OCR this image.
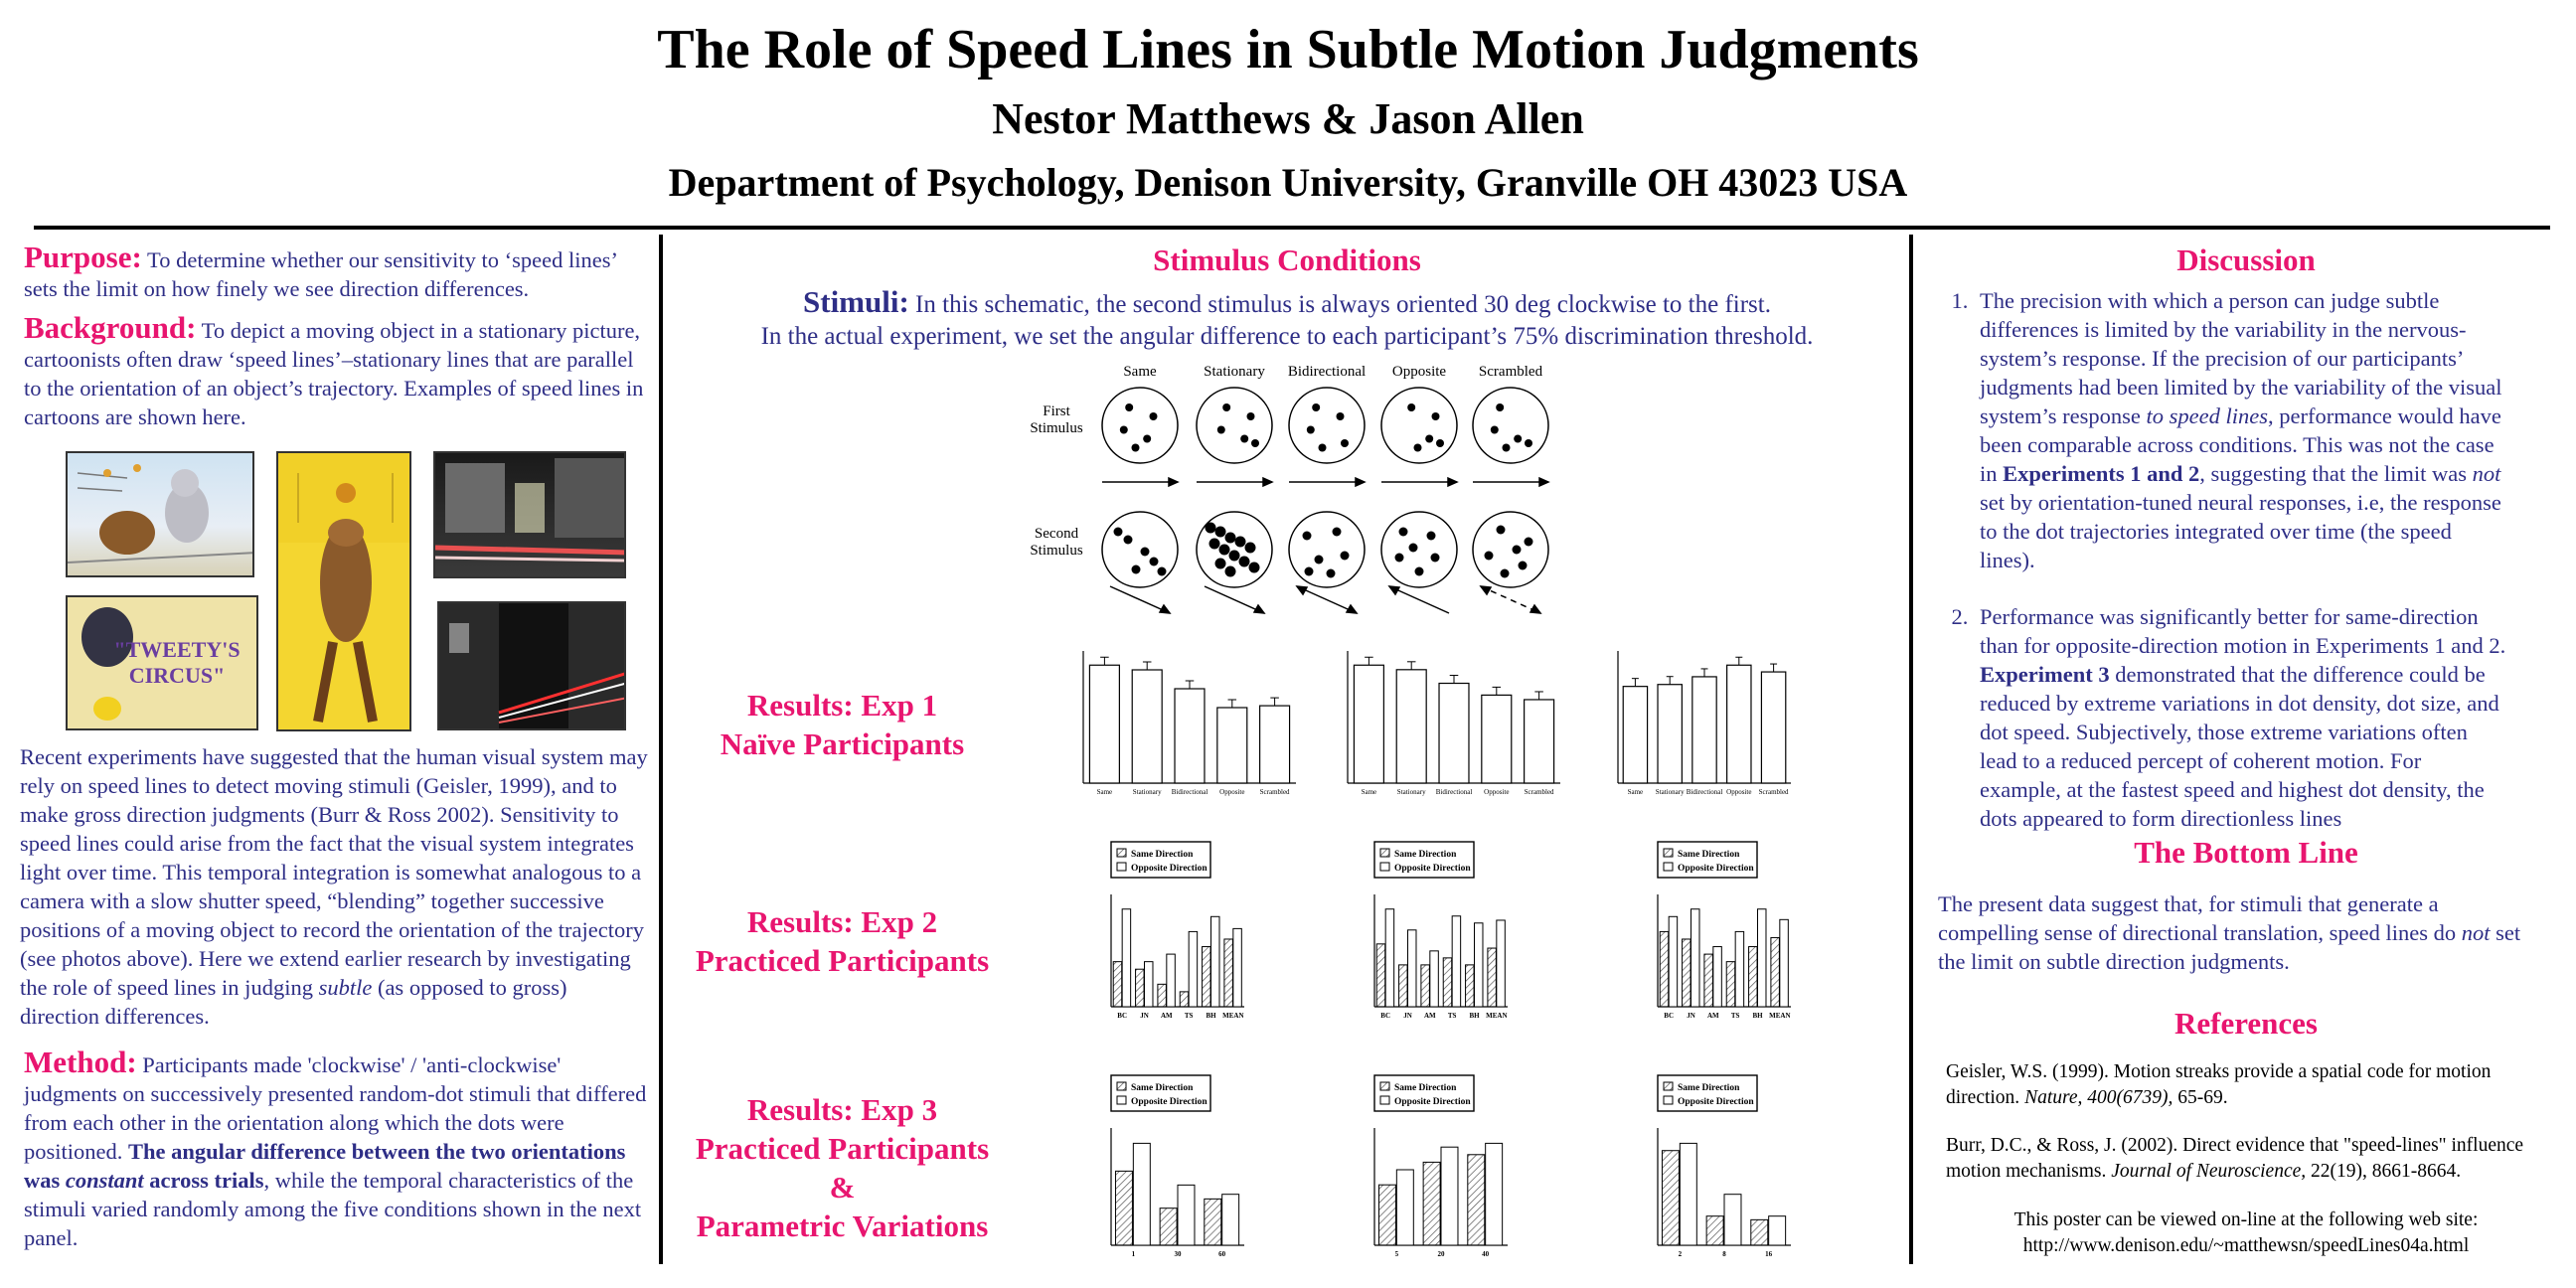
The Role of Speed Lines in Subtle Motion Judgments
Nestor Matthews & Jason Allen
Department of Psychology, Denison University, Granville OH 43023 USA
Purpose: To determine whether our sensitivity to ‘speed lines’ sets the limit on how finely we see direction differences.
Background: To depict a moving object in a stationary picture, cartoonists often draw ‘speed lines’–stationary lines that are parallel to the orientation of an object’s trajectory. Examples of speed lines in cartoons are shown here.
"TWEETY'S
CIRCUS"
Recent experiments have suggested that the human visual system may rely on speed lines to detect moving stimuli (Geisler, 1999), and to make gross direction judgments (Burr & Ross 2002). Sensitivity to speed lines could arise from the fact that the visual system integrates light over time. This temporal integration is somewhat analogous to a camera with a slow shutter speed, “blending” together successive positions of a moving object to record the orientation of the trajectory (see photos above). Here we extend earlier research by investigating the role of speed lines in judging subtle (as opposed to gross) direction differences.
Method: Participants made 'clockwise' / 'anti-clockwise' judgments on successively presented random-dot stimuli that differed from each other in the orientation along which the dots were positioned. The angular difference between the two orientations was constant across trials, while the temporal characteristics of the stimuli varied randomly among the five conditions shown in the next panel.
Stimulus Conditions
Stimuli: In this schematic, the second stimulus is always oriented 30 deg clockwise to the first.
In the actual experiment, we set the angular difference to each participant’s 75% discrimination threshold.
Same	Stationary Bidirectional Opposite Scrambled
First
Stimulus
Second
Stimulus
Results: Exp 1
Naïve Participants
Results: Exp 2
Practiced Participants
Results: Exp 3
Practiced Participants
&
Parametric Variations
Same	Stationary Bidirectional Opposite Scrambled	Same	Stationary Bidirectional Opposite Scrambled	Same Stationary Bidirectional Opposite Scrambled
Same Direction
Opposite Direction
BC JN AM TS BH MEAN
Same Direction
Opposite Direction
BC JN AM TS BH MEAN
Same Direction
Opposite Direction
BC JN AM TS BH MEAN
Same Direction
Opposite Direction
1	30	60
Same Direction
Opposite Direction
5	20	40
Same Direction
Opposite Direction
2	8	16
Discussion
1. The precision with which a person can judge subtle differences is limited by the variability in the nervous-system’s response. If the precision of our participants’ judgments had been limited by the variability of the visual system’s response to speed lines, performance would have been comparable across conditions. This was not the case in Experiments 1 and 2, suggesting that the limit was not set by orientation-tuned neural responses, i.e, the response to the dot trajectories integrated over time (the speed lines).
2. Performance was significantly better for same-direction than for opposite-direction motion in Experiments 1 and 2. Experiment 3 demonstrated that the difference could be reduced by extreme variations in dot density, dot size, and dot speed. Subjectively, those extreme variations often lead to a reduced percept of coherent motion. For example, at the fastest speed and highest dot density, the dots appeared to form directionless lines
The Bottom Line
The present data suggest that, for stimuli that generate a compelling sense of directional translation, speed lines do not set the limit on subtle direction judgments.
References
Geisler, W.S. (1999). Motion streaks provide a spatial code for motion direction. Nature, 400(6739), 65-69.
Burr, D.C., & Ross, J. (2002). Direct evidence that "speed-lines" influence motion mechanisms. Journal of Neuroscience, 22(19), 8661-8664.
This poster can be viewed on-line at the following web site:
http://www.denison.edu/~matthewsn/speedLines04a.html
